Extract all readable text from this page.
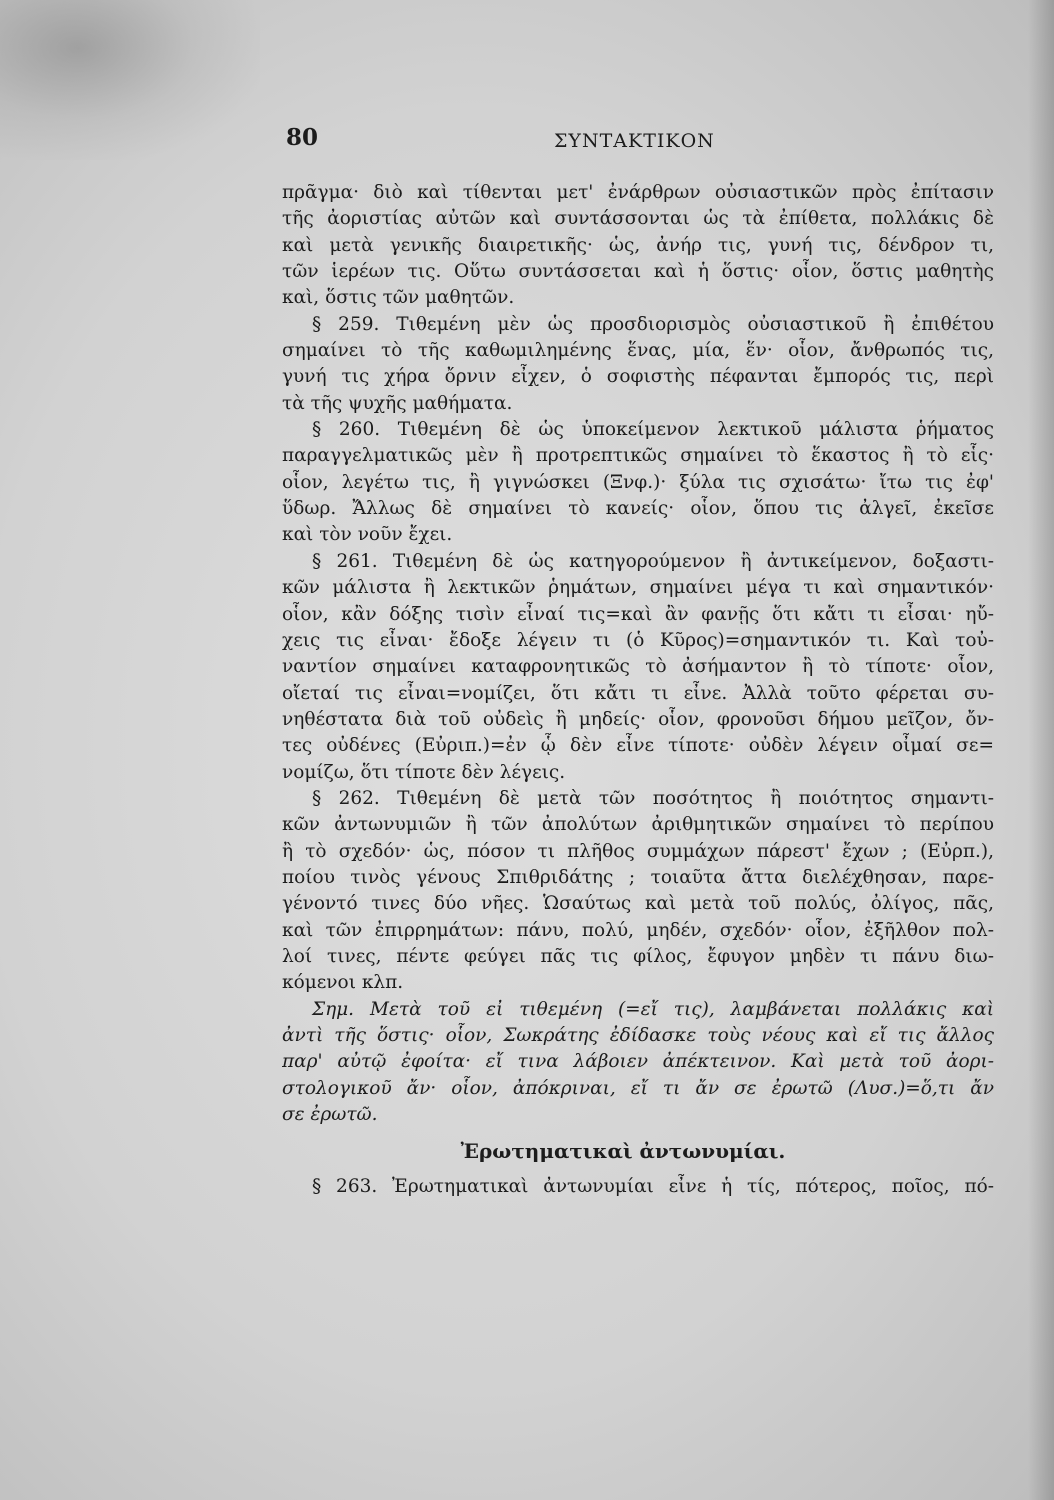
80	ΣΥΝΤΑΚΤΙΚΟΝ
πρᾶγμα· διὸ καὶ τίθενται μετ' ἐνάρθρων οὐσιαστικῶν πρὸς ἐπίτασιν
τῆς ἀοριστίας αὐτῶν καὶ συντάσσονται ὡς τὰ ἐπίθετα, πολλάκις δὲ
καὶ μετὰ γενικῆς διαιρετικῆς· ὡς, ἀνήρ τις, γυνή τις, δένδρον τι,
τῶν ἱερέων τις. Οὕτω συντάσσεται καὶ ἡ ὅστις· οἷον, ὅστις μαθητὴς
καὶ, ὅστις τῶν μαθητῶν.
§ 259. Τιθεμένη μὲν ὡς προσδιορισμὸς οὐσιαστικοῦ ἢ ἐπιθέτου
σημαίνει τὸ τῆς καθωμιλημένης ἕνας, μία, ἕν· οἷον, ἄνθρωπός τις,
γυνή τις χήρα ὄρνιν εἶχεν, ὁ σοφιστὴς πέφανται ἔμπορός τις, περὶ
τὰ τῆς ψυχῆς μαθήματα.
§ 260. Τιθεμένη δὲ ὡς ὑποκείμενον λεκτικοῦ μάλιστα ῥήματος
παραγγελματικῶς μὲν ἢ προτρεπτικῶς σημαίνει τὸ ἕκαστος ἢ τὸ εἷς·
οἷον, λεγέτω τις, ἢ γιγνώσκει (Ξνφ.)· ξύλα τις σχισάτω· ἴτω τις ἐφ'
ὕδωρ. Ἄλλως δὲ σημαίνει τὸ κανείς· οἷον, ὅπου τις ἀλγεῖ, ἐκεῖσε
καὶ τὸν νοῦν ἔχει.
§ 261. Τιθεμένη δὲ ὡς κατηγορούμενον ἢ ἀντικείμενον, δοξαστι-
κῶν μάλιστα ἢ λεκτικῶν ῥημάτων, σημαίνει μέγα τι καὶ σημαντικόν·
οἷον, κἂν δόξης τισὶν εἶναί τις=καὶ ἂν φανῇς ὅτι κἄτι τι εἶσαι· ηὔ-
χεις τις εἶναι· ἔδοξε λέγειν τι (ὁ Κῦρος)=σημαντικόν τι. Καὶ τοὐ-
ναντίον σημαίνει καταφρονητικῶς τὸ ἀσήμαντον ἢ τὸ τίποτε· οἷον,
οἴεταί τις εἶναι=νομίζει, ὅτι κἄτι τι εἶνε. Ἀλλὰ τοῦτο φέρεται συ-
νηθέστατα διὰ τοῦ οὐδεὶς ἢ μηδείς· οἷον, φρονοῦσι δήμου μεῖζον, ὄν-
τες οὐδένες (Εὐριπ.)=ἐν ᾧ δὲν εἶνε τίποτε· οὐδὲν λέγειν οἶμαί σε=
νομίζω, ὅτι τίποτε δὲν λέγεις.
§ 262. Τιθεμένη δὲ μετὰ τῶν ποσότητος ἢ ποιότητος σημαντι-
κῶν ἀντωνυμιῶν ἢ τῶν ἀπολύτων ἀριθμητικῶν σημαίνει τὸ περίπου
ἢ τὸ σχεδόν· ὡς, πόσον τι πλῆθος συμμάχων πάρεστ' ἔχων ; (Εὐρπ.),
ποίου τινὸς γένους Σπιθριδάτης ; τοιαῦτα ἄττα διελέχθησαν, παρε-
γένοντό τινες δύο νῆες. Ὡσαύτως καὶ μετὰ τοῦ πολύς, ὀλίγος, πᾶς,
καὶ τῶν ἐπιρρημάτων: πάνυ, πολύ, μηδέν, σχεδόν· οἷον, ἐξῆλθον πολ-
λοί τινες, πέντε φεύγει πᾶς τις φίλος, ἔφυγον μηδὲν τι πάνυ διω-
κόμενοι κλπ.
Σημ. Μετὰ τοῦ εἰ τιθεμένη (=εἴ τις), λαμβάνεται πολλάκις καὶ
ἀντὶ τῆς ὅστις· οἷον, Σωκράτης ἐδίδασκε τοὺς νέους καὶ εἴ τις ἄλλος
παρ' αὐτῷ ἐφοίτα· εἴ τινα λάβοιεν ἀπέκτεινον. Καὶ μετὰ τοῦ ἀορι-
στολογικοῦ ἄν· οἷον, ἀπόκριναι, εἴ τι ἄν σε ἐρωτῶ (Λυσ.)=ὅ,τι ἄν
σε ἐρωτῶ.
Ἐρωτηματικαὶ ἀντωνυμίαι.
§ 263. Ἐρωτηματικαὶ ἀντωνυμίαι εἶνε ἡ τίς, πότερος, ποῖος, πό-
